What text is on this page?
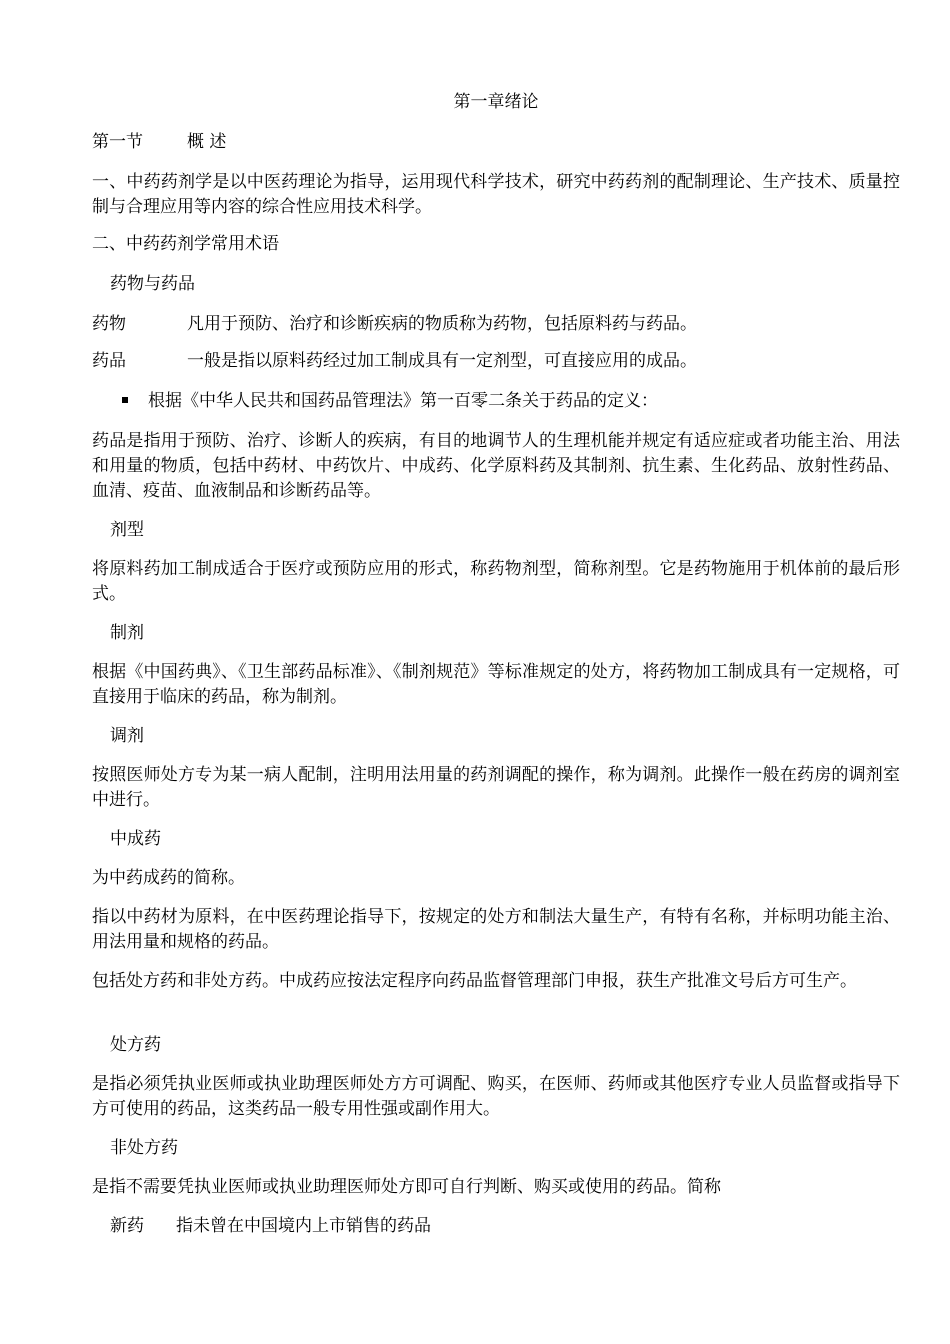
第一章绪论
第一节	概 述
一、中药药剂学是以中医药理论为指导，运用现代科学技术，研究中药药剂的配制理论、生产技术、质量控制与合理应用等内容的综合性应用技术科学。
二、中药药剂学常用术语
药物与药品
药物	凡用于预防、治疗和诊断疾病的物质称为药物，包括原料药与药品。
药品	一般是指以原料药经过加工制成具有一定剂型，可直接应用的成品。
根据《中华人民共和国药品管理法》第一百零二条关于药品的定义：
药品是指用于预防、治疗、诊断人的疾病，有目的地调节人的生理机能并规定有适应症或者功能主治、用法和用量的物质，包括中药材、中药饮片、中成药、化学原料药及其制剂、抗生素、生化药品、放射性药品、血清、疫苗、血液制品和诊断药品等。
剂型
将原料药加工制成适合于医疗或预防应用的形式，称药物剂型，简称剂型。它是药物施用于机体前的最后形式。
制剂
根据《中国药典》、《卫生部药品标准》、《制剂规范》等标准规定的处方，将药物加工制成具有一定规格，可直接用于临床的药品，称为制剂。
调剂
按照医师处方专为某一病人配制，注明用法用量的药剂调配的操作，称为调剂。此操作一般在药房的调剂室中进行。
中成药
为中药成药的简称。
指以中药材为原料，在中医药理论指导下，按规定的处方和制法大量生产，有特有名称，并标明功能主治、用法用量和规格的药品。
包括处方药和非处方药。中成药应按法定程序向药品监督管理部门申报，获生产批准文号后方可生产。
处方药
是指必须凭执业医师或执业助理医师处方方可调配、购买，在医师、药师或其他医疗专业人员监督或指导下方可使用的药品，这类药品一般专用性强或副作用大。
非处方药
是指不需要凭执业医师或执业助理医师处方即可自行判断、购买或使用的药品。简称
新药 指未曾在中国境内上市销售的药品
